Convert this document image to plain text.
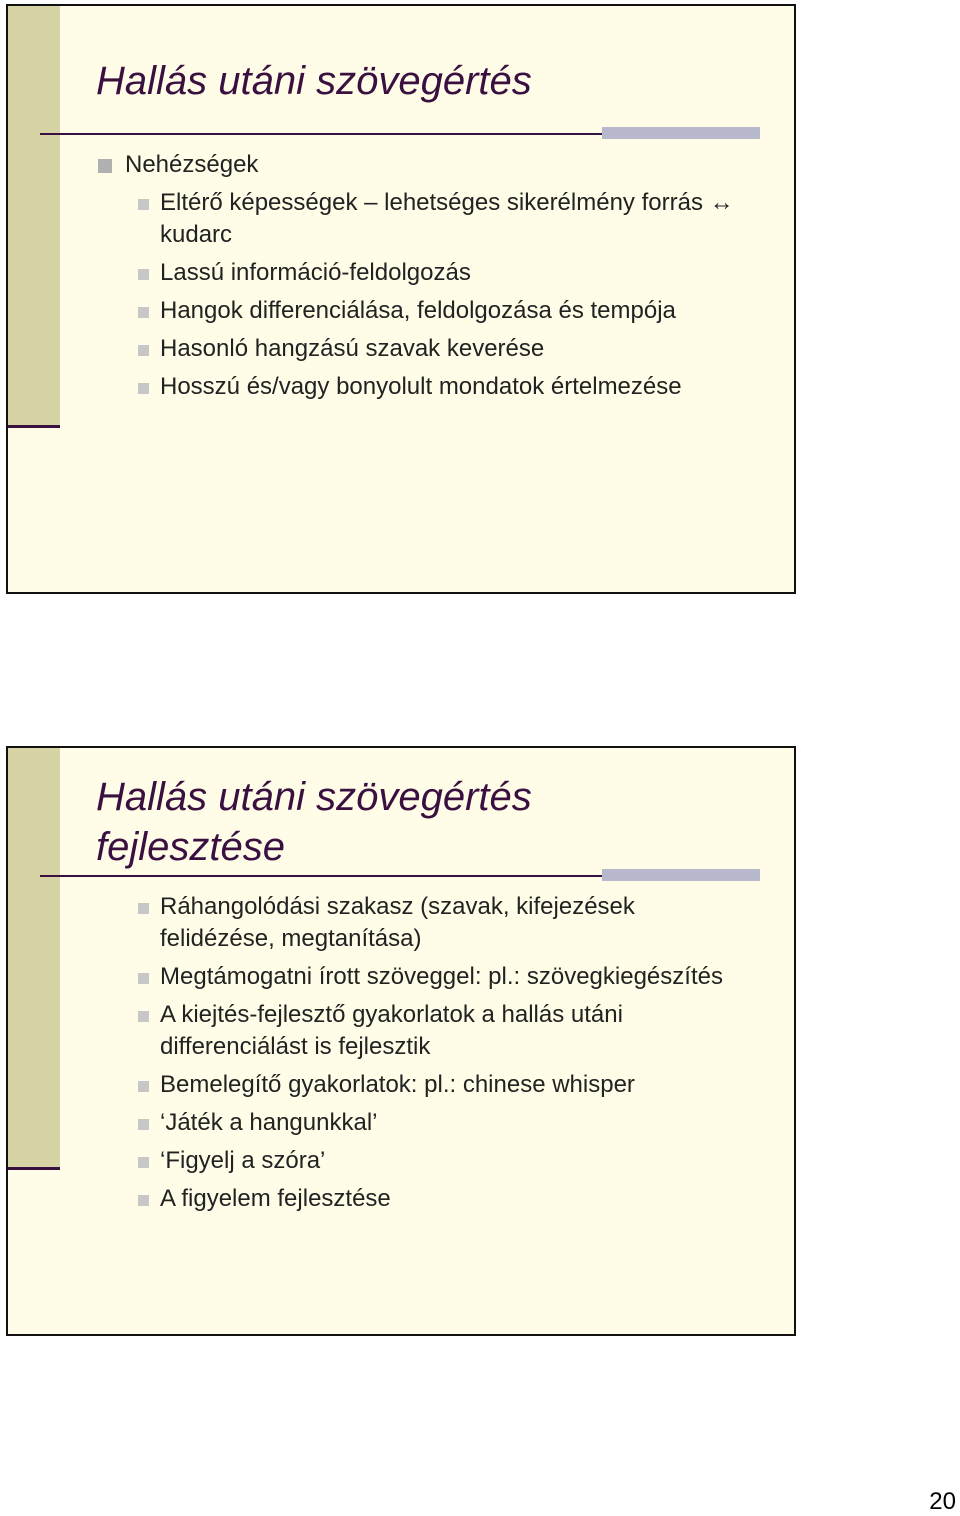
Hallás utáni szövegértés
Nehézségek
Eltérő képességek – lehetséges sikerélmény forrás ↔ kudarc
Lassú információ-feldolgozás
Hangok differenciálása, feldolgozása és tempója
Hasonló hangzású szavak keverése
Hosszú és/vagy bonyolult mondatok értelmezése
Hallás utáni szövegértés
fejlesztése
Ráhangolódási szakasz (szavak, kifejezések felidézése, megtanítása)
Megtámogatni írott szöveggel: pl.: szövegkiegészítés
A kiejtés-fejlesztő gyakorlatok a hallás utáni differenciálást is fejlesztik
Bemelegítő gyakorlatok: pl.: chinese whisper
‘Játék a hangunkkal’
‘Figyelj a szóra’
A figyelem fejlesztése
20
